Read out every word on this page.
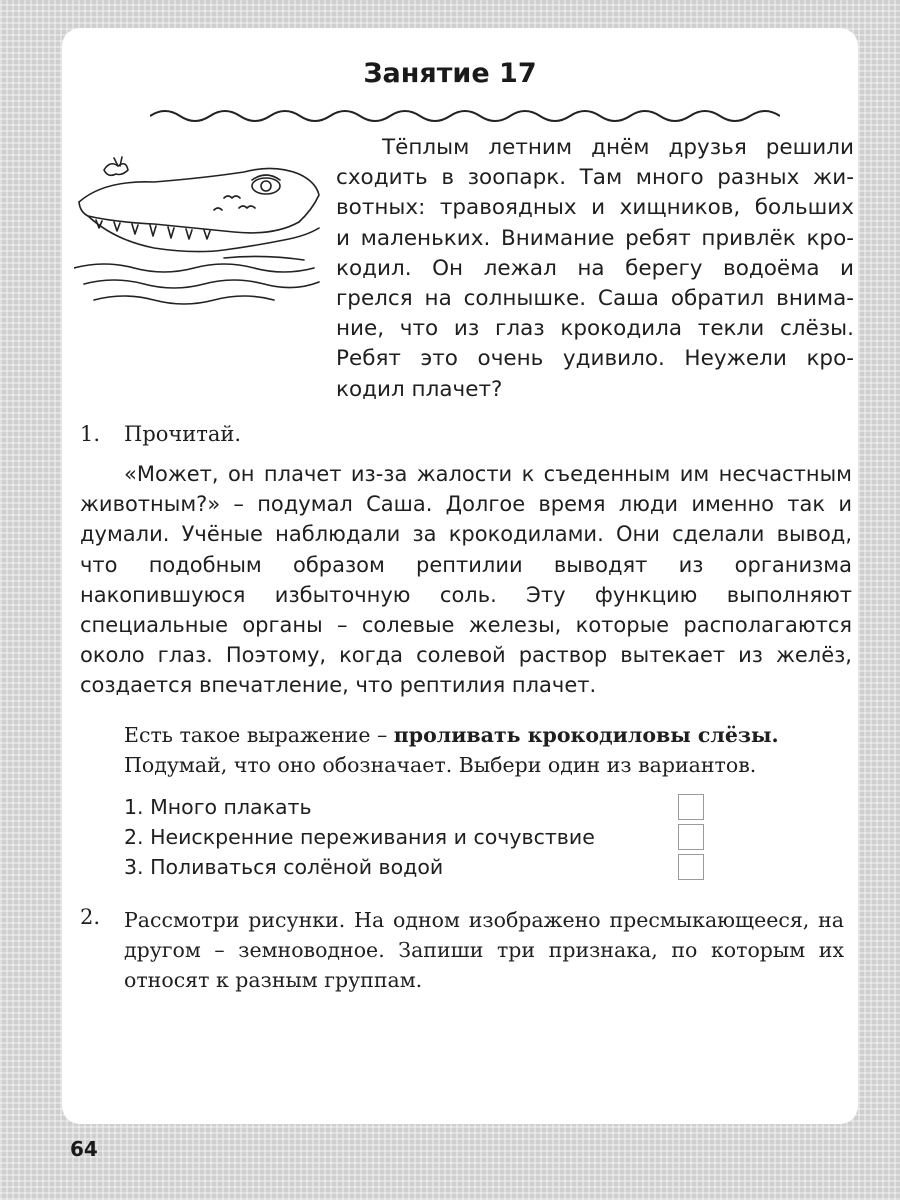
Занятие 17
Тёплым летним днём друзья решили
сходить в зоопарк. Там много разных жи-
вотных: травоядных и хищников, больших
и маленьких. Внимание ребят привлёк кро-
кодил. Он лежал на берегу водоёма и
грелся на солнышке. Саша обратил внима-
ние, что из глаз крокодила текли слёзы.
Ребят это очень удивило. Неужели кро-
кодил плачет?
1. Прочитай.

«Может, он плачет из-за жалости к съеденным им несчастным животным?» – подумал Саша. Долгое время люди именно так и думали. Учёные наблюдали за крокодилами. Они сделали вывод, что подобным образом рептилии выводят из организма накопившуюся избыточную соль. Эту функцию выполняют специальные органы – солевые железы, которые располагаются около глаз. Поэтому, когда солевой раствор вытекает из желёз, создается впечатление, что рептилия плачет.

Есть такое выражение – проливать крокодиловы слёзы.
Подумай, что оно обозначает. Выбери один из вариантов.
1. Много плакать
2. Неискренние переживания и сочувствие
3. Поливаться солёной водой
2. Рассмотри рисунки. На одном изображено пресмыкающееся, на другом – земноводное. Запиши три признака, по которым их относят к разным группам.
64
